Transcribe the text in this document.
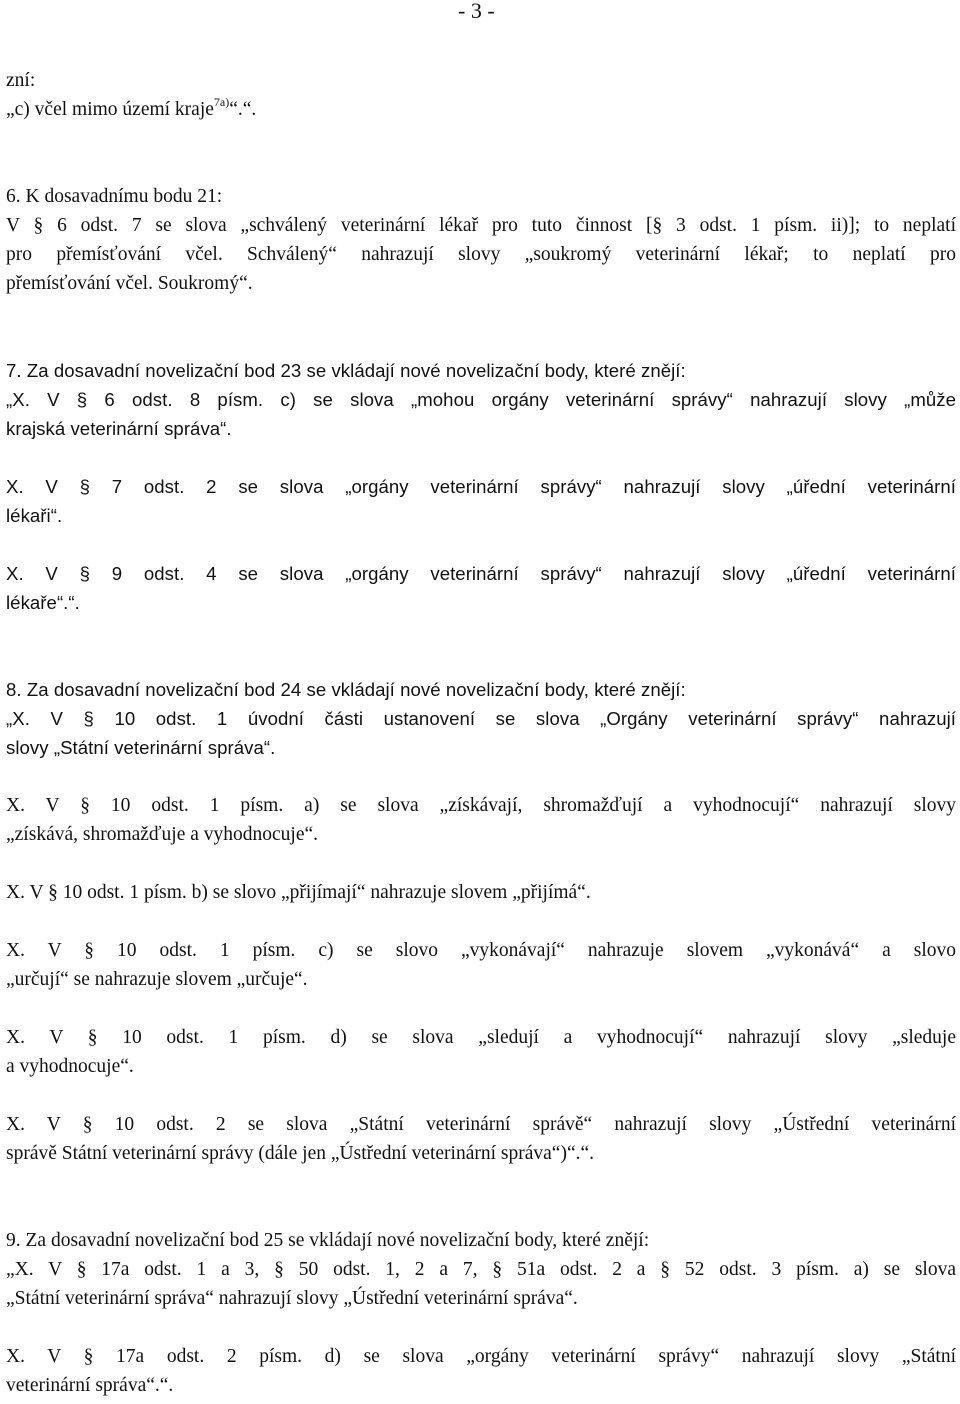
- 3 -
zní:
„c) včel mimo území kraje$^{7a)}$“.“.
6. K dosavadnímu bodu 21:
V § 6 odst. 7 se slova „schválený veterinární lékař pro tuto činnost [§ 3 odst. 1 písm. ii)]; to neplatí
pro přemísťování včel. Schválený“ nahrazují slovy „soukromý veterinární lékař; to neplatí pro
přemísťování včel. Soukromý“.
7. Za dosavadní novelizační bod 23 se vkládají nové novelizační body, které znějí:
„X. V § 6 odst. 8 písm. c) se slova „mohou orgány veterinární správy“ nahrazují slovy „může
krajská veterinární správa“.
X. V § 7 odst. 2 se slova „orgány veterinární správy“ nahrazují slovy „úřední veterinární
lékaři“.
X. V § 9 odst. 4 se slova „orgány veterinární správy“ nahrazují slovy „úřední veterinární
lékaře“.“.
8. Za dosavadní novelizační bod 24 se vkládají nové novelizační body, které znějí:
„X. V § 10 odst. 1 úvodní části ustanovení se slova „Orgány veterinární správy“ nahrazují
slovy „Státní veterinární správa“.
X. V § 10 odst. 1 písm. a) se slova „získávají, shromažďují a vyhodnocují“ nahrazují slovy
„získává, shromažďuje a vyhodnocuje“.
X. V § 10 odst. 1 písm. b) se slovo „přijímají“ nahrazuje slovem „přijímá“.
X. V § 10 odst. 1 písm. c) se slovo „vykonávají“ nahrazuje slovem „vykonává“ a slovo
„určují“ se nahrazuje slovem „určuje“.
X. V § 10 odst. 1 písm. d) se slova „sledují a vyhodnocují“ nahrazují slovy „sleduje
a vyhodnocuje“.
X. V § 10 odst. 2 se slova „Státní veterinární správě“ nahrazují slovy „Ústřední veterinární
správě Státní veterinární správy (dále jen „Ústřední veterinární správa“)“.“.
9. Za dosavadní novelizační bod 25 se vkládají nové novelizační body, které znějí:
„X. V § 17a odst. 1 a 3, § 50 odst. 1, 2 a 7, § 51a odst. 2 a § 52 odst. 3 písm. a) se slova
„Státní veterinární správa“ nahrazují slovy „Ústřední veterinární správa“.
X. V § 17a odst. 2 písm. d) se slova „orgány veterinární správy“ nahrazují slovy „Státní
veterinární správa“.“.
